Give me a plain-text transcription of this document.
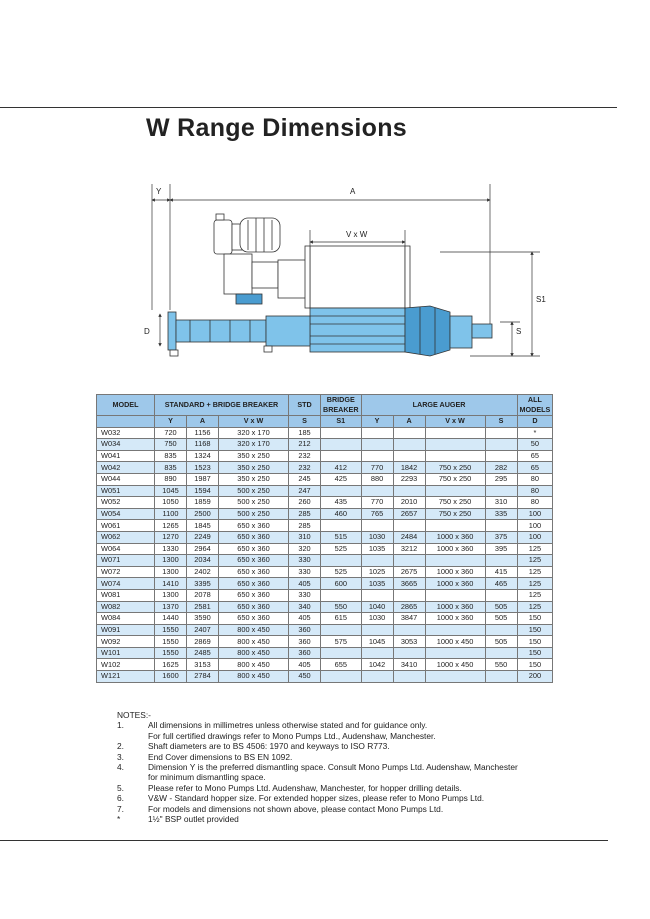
W Range Dimensions
Y	A
V x W
S1
S
D
MODEL	STANDARD + BRIDGE BREAKER			STD	BRIDGE BREAKER	LARGE AUGER				ALL MODELS

	Y	A	V x W	S	S1	Y	A	V x W	S	D
W032	720	1156	320 x 170	185						*
W034	750	1168	320 x 170	212						50
W041	835	1324	350 x 250	232						65
W042	835	1523	350 x 250	232	412	770	1842	750 x 250	282	65
W044	890	1987	350 x 250	245	425	880	2293	750 x 250	295	80
W051	1045	1594	500 x 250	247						80
W052	1050	1859	500 x 250	260	435	770	2010	750 x 250	310	80
W054	1100	2500	500 x 250	285	460	765	2657	750 x 250	335	100
W061	1265	1845	650 x 360	285						100
W062	1270	2249	650 x 360	310	515	1030	2484	1000 x 360	375	100
W064	1330	2964	650 x 360	320	525	1035	3212	1000 x 360	395	125
W071	1300	2034	650 x 360	330						125
W072	1300	2402	650 x 360	330	525	1025	2675	1000 x 360	415	125
W074	1410	3395	650 x 360	405	600	1035	3665	1000 x 360	465	125
W081	1300	2078	650 x 360	330						125
W082	1370	2581	650 x 360	340	550	1040	2865	1000 x 360	505	125
W084	1440	3590	650 x 360	405	615	1030	3847	1000 x 360	505	150
W091	1550	2407	800 x 450	360						150
W092	1550	2869	800 x 450	360	575	1045	3053	1000 x 450	505	150
W101	1550	2485	800 x 450	360						150
W102	1625	3153	800 x 450	405	655	1042	3410	1000 x 450	550	150
W121	1600	2784	800 x 450	450						200
NOTES:-
1.	All dimensions in millimetres unless otherwise stated and for guidance only.
For full certified drawings refer to Mono Pumps Ltd., Audenshaw, Manchester.
2.	Shaft diameters are to BS 4506: 1970 and keyways to ISO R773.
3.	End Cover dimensions to BS EN 1092.
4.	Dimension Y is the preferred dismantling space. Consult Mono Pumps Ltd. Audenshaw, Manchester
for minimum dismantling space.
5.	Please refer to Mono Pumps Ltd. Audenshaw, Manchester, for hopper drilling details.
6.	V&W - Standard hopper size. For extended hopper sizes, please refer to Mono Pumps Ltd.
7.	For models and dimensions not shown above, please contact Mono Pumps Ltd.
*	1½" BSP outlet provided
